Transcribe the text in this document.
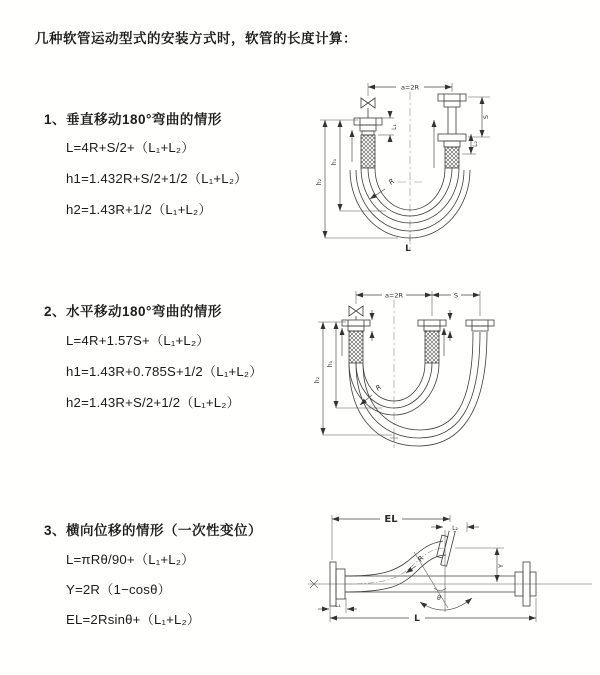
几种软管运动型式的安装方式时，软管的长度计算：
1、垂直移动180°弯曲的情形
L=4R+S/2+（L₁+L₂）
h1=1.432R+S/2+1/2（L₁+L₂）
h2=1.43R+1/2（L₁+L₂）
2、水平移动180°弯曲的情形
L=4R+1.57S+（L₁+L₂）
h1=1.43R+0.785S+1/2（L₁+L₂）
h2=1.43R+S/2+1/2（L₁+L₂）
3、横向位移的情形（一次性变位）
L=πRθ/90+（L₁+L₂）
Y=2R（1−cosθ）
EL=2Rsinθ+（L₁+L₂）
a=2R
L₁
S
L₂
h₁
h₂	R
L
a=2R	S
h₁
h₂
R
EL
L₂
Y
θ
R
L
L₁
